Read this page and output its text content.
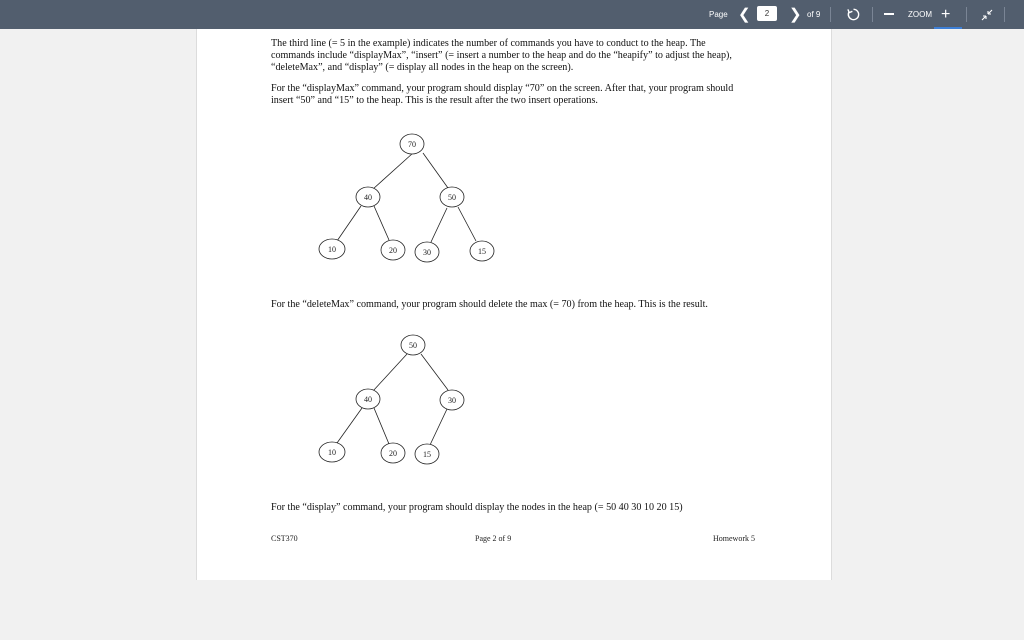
Page ❮
2	❯ of 9	ZOOM +

The third line (= 5 in the example) indicates the number of commands you have to conduct to the heap. The commands include “displayMax”, “insert” (= insert a number to the heap and do the “heapify” to adjust the heap), “deleteMax”, and “display” (= display all nodes in the heap on the screen).

For the “displayMax” command, your program should display “70” on the screen. After that, your program should insert “50” and “15” to the heap. This is the result after the two insert operations.

70
40	50
10	20	30	15
50
40	30
10	20	15

For the “deleteMax” command, your program should delete the max (= 70) from the heap. This is the result.

For the “display” command, your program should display the nodes in the heap (= 50 40 30 10 20 15)

CST370	Page 2 of 9	Homework 5
